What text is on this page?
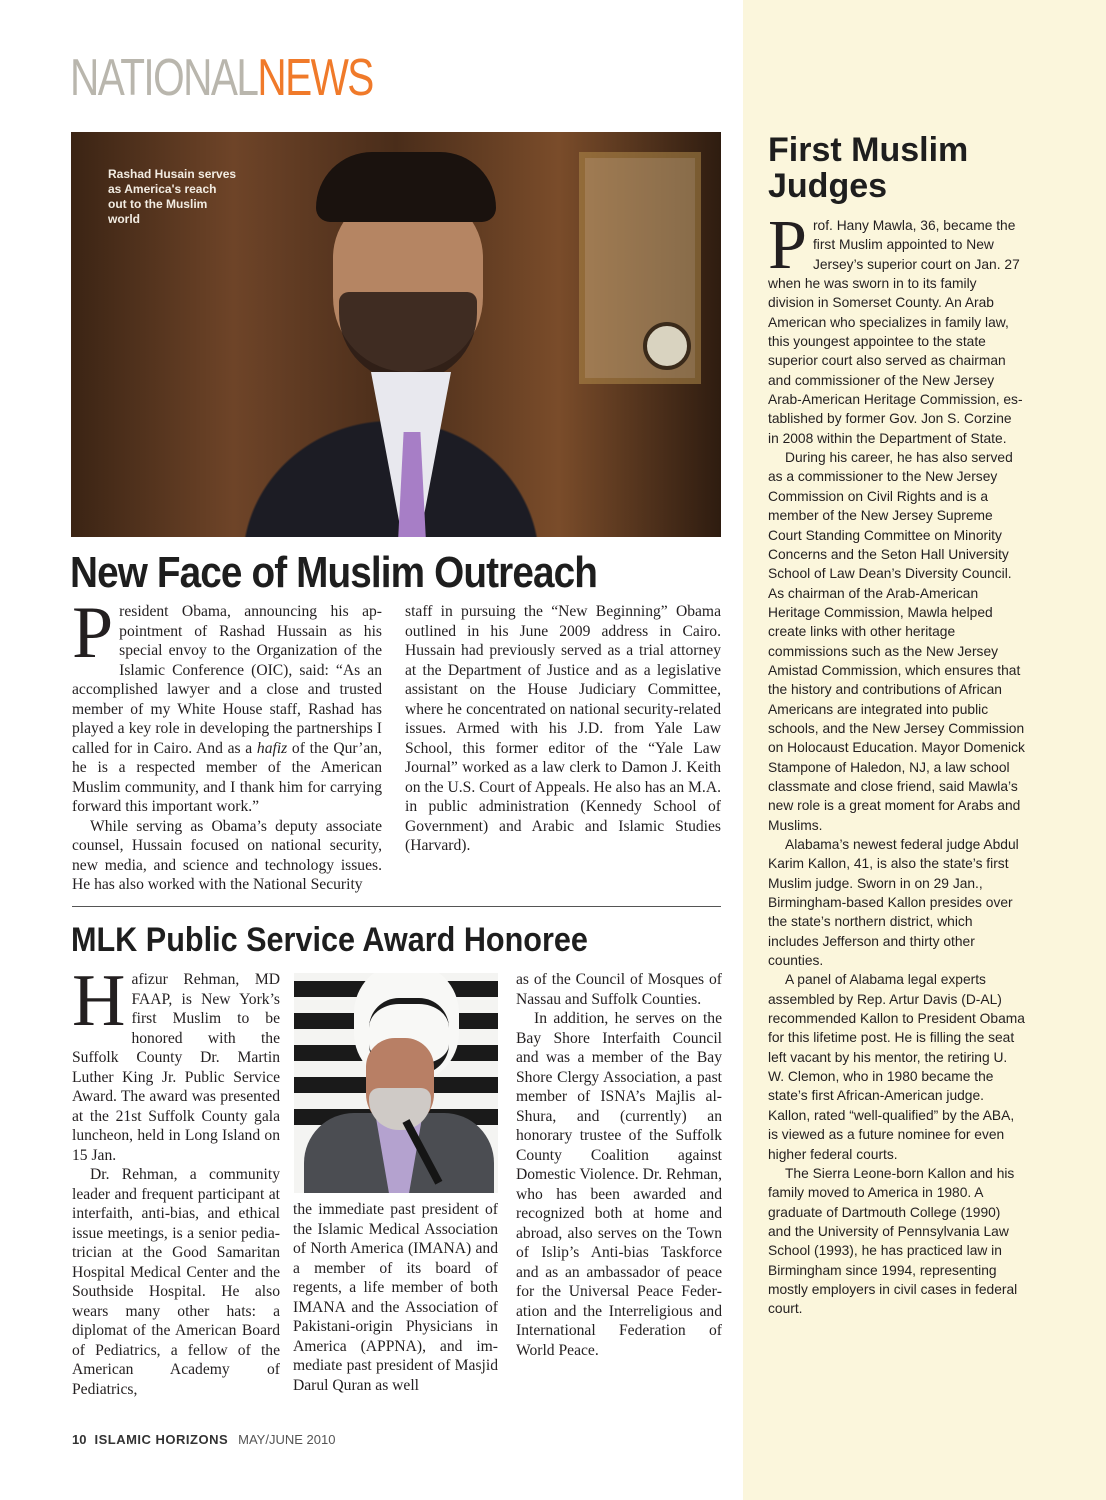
NATIONALNEWS
Rashad Husain serves as America's reach out to the Muslim world
New Face of Muslim Outreach

President Obama, announcing his appointment of Rashad Hussain as his special envoy to the Organization of the Islamic Conference (OIC), said: “As an accomplished lawyer and a close and trusted member of my White House staff, Rashad has played a key role in developing the partnerships I called for in Cairo. And as a hafiz of the Qur’an, he is a respected member of the American Muslim community, and I thank him for carrying forward this important work.”

While serving as Obama’s deputy associate counsel, Hussain focused on national security, new media, and science and technology issues. He has also worked with the National Security

staff in pursuing the “New Beginning” Obama outlined in his June 2009 address in Cairo. Hussain had previously served as a trial attorney at the Department of Justice and as a legislative assistant on the House Judiciary Committee, where he concentrated on national security-related issues. Armed with his J.D. from Yale Law School, this former editor of the “Yale Law Journal” worked as a law clerk to Damon J. Keith on the U.S. Court of Appeals. He also has an M.A. in public administration (Kennedy School of Government) and Arabic and Islamic Studies (Harvard).

MLK Public Service Award Honoree

Hafizur Rehman, MD FAAP, is New York’s first Muslim to be honored with the Suffolk County Dr. Martin Luther King Jr. Public Service Award. The award was presented at the 21st Suffolk County gala luncheon, held in Long Island on 15 Jan.

Dr. Rehman, a community leader and frequent participant at interfaith, anti-bias, and ethical issue meetings, is a senior pediatrician at the Good Samaritan Hospital Medical Center and the Southside Hospital. He also wears many other hats: a diplomat of the American Board of Pediatrics, a fellow of the American Academy of Pediatrics,

the immediate past president of the Islamic Medical Association of North America (IMANA) and a member of its board of regents, a life member of both IMANA and the Association of Pakistani-origin Physicians in America (APPNA), and immediate past president of Masjid Darul Quran as well

as of the Council of Mosques of Nassau and Suffolk Counties.

In addition, he serves on the Bay Shore Interfaith Council and was a member of the Bay Shore Clergy Association, a past member of ISNA’s Majlis al-Shura, and (currently) an honorary trustee of the Suffolk County Coalition against Domestic Violence. Dr. Rehman, who has been awarded and recognized both at home and abroad, also serves on the Town of Islip’s Anti-bias Taskforce and as an ambassador of peace for the Universal Peace Federation and the Interreligious and International Federation of World Peace.

First Muslim Judges

Prof. Hany Mawla, 36, became the first Muslim appointed to New Jersey’s superior court on Jan. 27 when he was sworn in to its family division in Somerset County. An Arab American who specializes in family law, this youngest appointee to the state superior court also served as chairman and commissioner of the New Jersey Arab-American Heritage Commission, established by former Gov. Jon S. Corzine in 2008 within the Department of State.

During his career, he has also served as a commissioner to the New Jersey Commission on Civil Rights and is a member of the New Jersey Supreme Court Standing Committee on Minority Concerns and the Seton Hall University School of Law Dean’s Diversity Council. As chairman of the Arab-American Heritage Commission, Mawla helped create links with other heritage commissions such as the New Jersey Amistad Commission, which ensures that the history and contributions of African Americans are integrated into public schools, and the New Jersey Commission on Holocaust Education. Mayor Domenick Stampone of Haledon, NJ, a law school classmate and close friend, said Mawla’s new role is a great moment for Arabs and Muslims.

Alabama’s newest federal judge Abdul Karim Kallon, 41, is also the state’s first Muslim judge. Sworn in on 29 Jan., Birmingham-based Kallon presides over the state’s northern district, which includes Jefferson and thirty other counties.

A panel of Alabama legal experts assembled by Rep. Artur Davis (D-AL) recommended Kallon to President Obama for this lifetime post. He is filling the seat left vacant by his mentor, the retiring U. W. Clemon, who in 1980 became the state’s first African-American judge. Kallon, rated “well-qualified” by the ABA, is viewed as a future nominee for even higher federal courts.

The Sierra Leone-born Kallon and his family moved to America in 1980. A graduate of Dartmouth College (1990) and the University of Pennsylvania Law School (1993), he has practiced law in Birmingham since 1994, representing mostly employers in civil cases in federal court.

10 ISLAMIC HORIZONS MAY/JUNE 2010
